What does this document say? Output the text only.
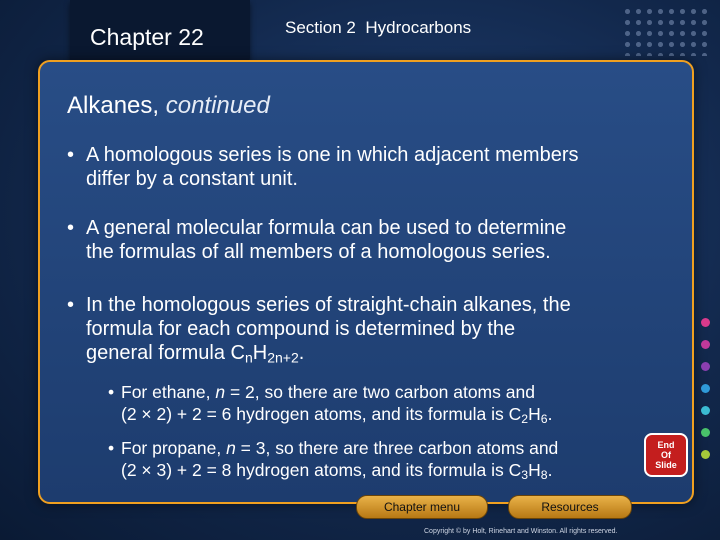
Chapter 22	Section 2 Hydrocarbons
Alkanes, continued
• A homologous series is one in which adjacent members
differ by a constant unit.
• A general molecular formula can be used to determine
the formulas of all members of a homologous series.
• In the homologous series of straight-chain alkanes, the
formula for each compound is determined by the
general formula $C_nH_{2n+2}$.
• For ethane, n = 2, so there are two carbon atoms and
(2 × 2) + 2 = 6 hydrogen atoms, and its formula is $C_2H_6$.
• For propane, n = 3, so there are three carbon atoms and
(2 × 3) + 2 = 8 hydrogen atoms, and its formula is $C_3H_8$.
End
Of
Slide
Chapter menu	Resources
Copyright © by Holt, Rinehart and Winston. All rights reserved.
